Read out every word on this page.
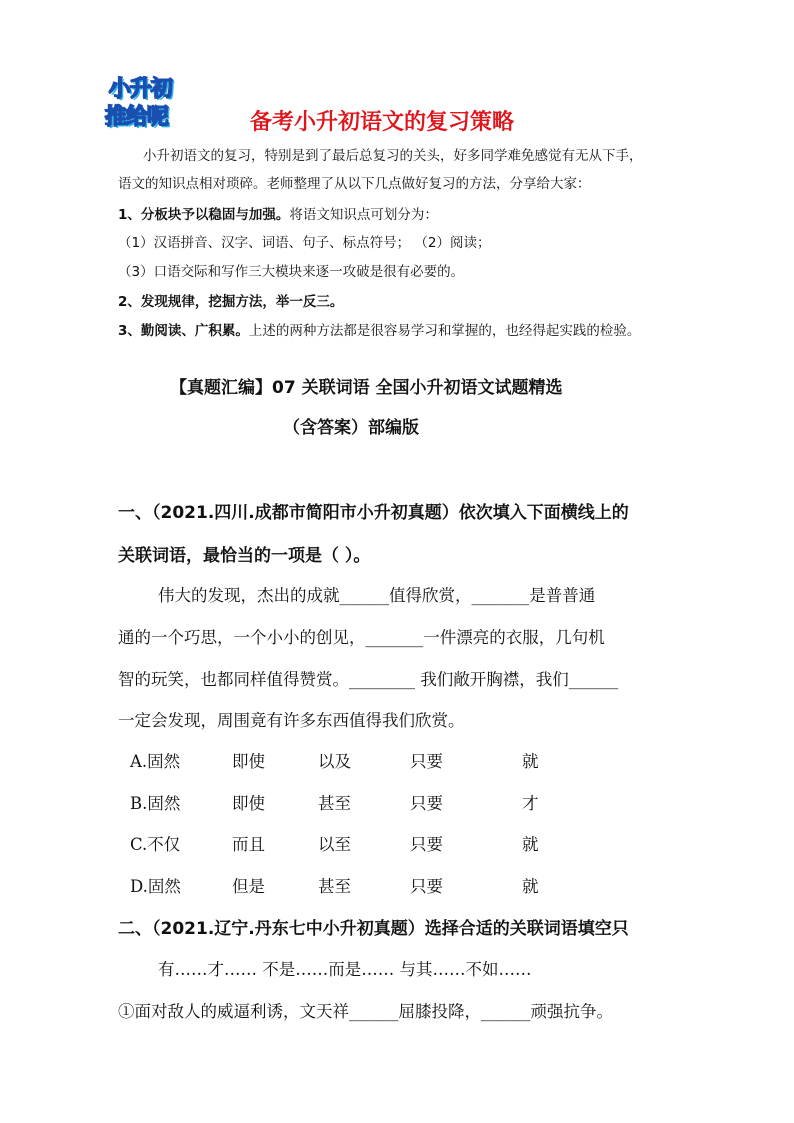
小升初
推给呢	备考小升初语文的复习策略
小升初语文的复习，特别是到了最后总复习的关头，好多同学难免感觉有无从下手，
语文的知识点相对琐碎。老师整理了从以下几点做好复习的方法，分享给大家：
1、分板块予以稳固与加强。将语文知识点可划分为：
（1）汉语拼音、汉字、词语、句子、标点符号； （2）阅读；
（3）口语交际和写作三大模块来逐一攻破是很有必要的。
2、发现规律，挖掘方法，举一反三。
3、勤阅读、广积累。上述的两种方法都是很容易学习和掌握的，也经得起实践的检验。
【真题汇编】07 关联词语 全国小升初语文试题精选
（含答案）部编版
一、（2021.四川.成都市简阳市小升初真题）依次填入下面横线上的
关联词语，最恰当的一项是（ ）。
伟大的发现，杰出的成就______值得欣赏，_______是普普通
通的一个巧思，一个小小的创见，_______一件漂亮的衣服，几句机
智的玩笑，也都同样值得赞赏。________ 我们敞开胸襟，我们______
一定会发现，周围竟有许多东西值得我们欣赏。
A.固然	即使	以及	只要	就
B.固然	即使	甚至	只要	才
C.不仅	而且	以至	只要	就
D.固然	但是	甚至	只要	就
二、（2021.辽宁.丹东七中小升初真题）选择合适的关联词语填空只
有……才…… 不是……而是…… 与其……不如……
①面对敌人的威逼利诱，文天祥______屈膝投降，______顽强抗争。
